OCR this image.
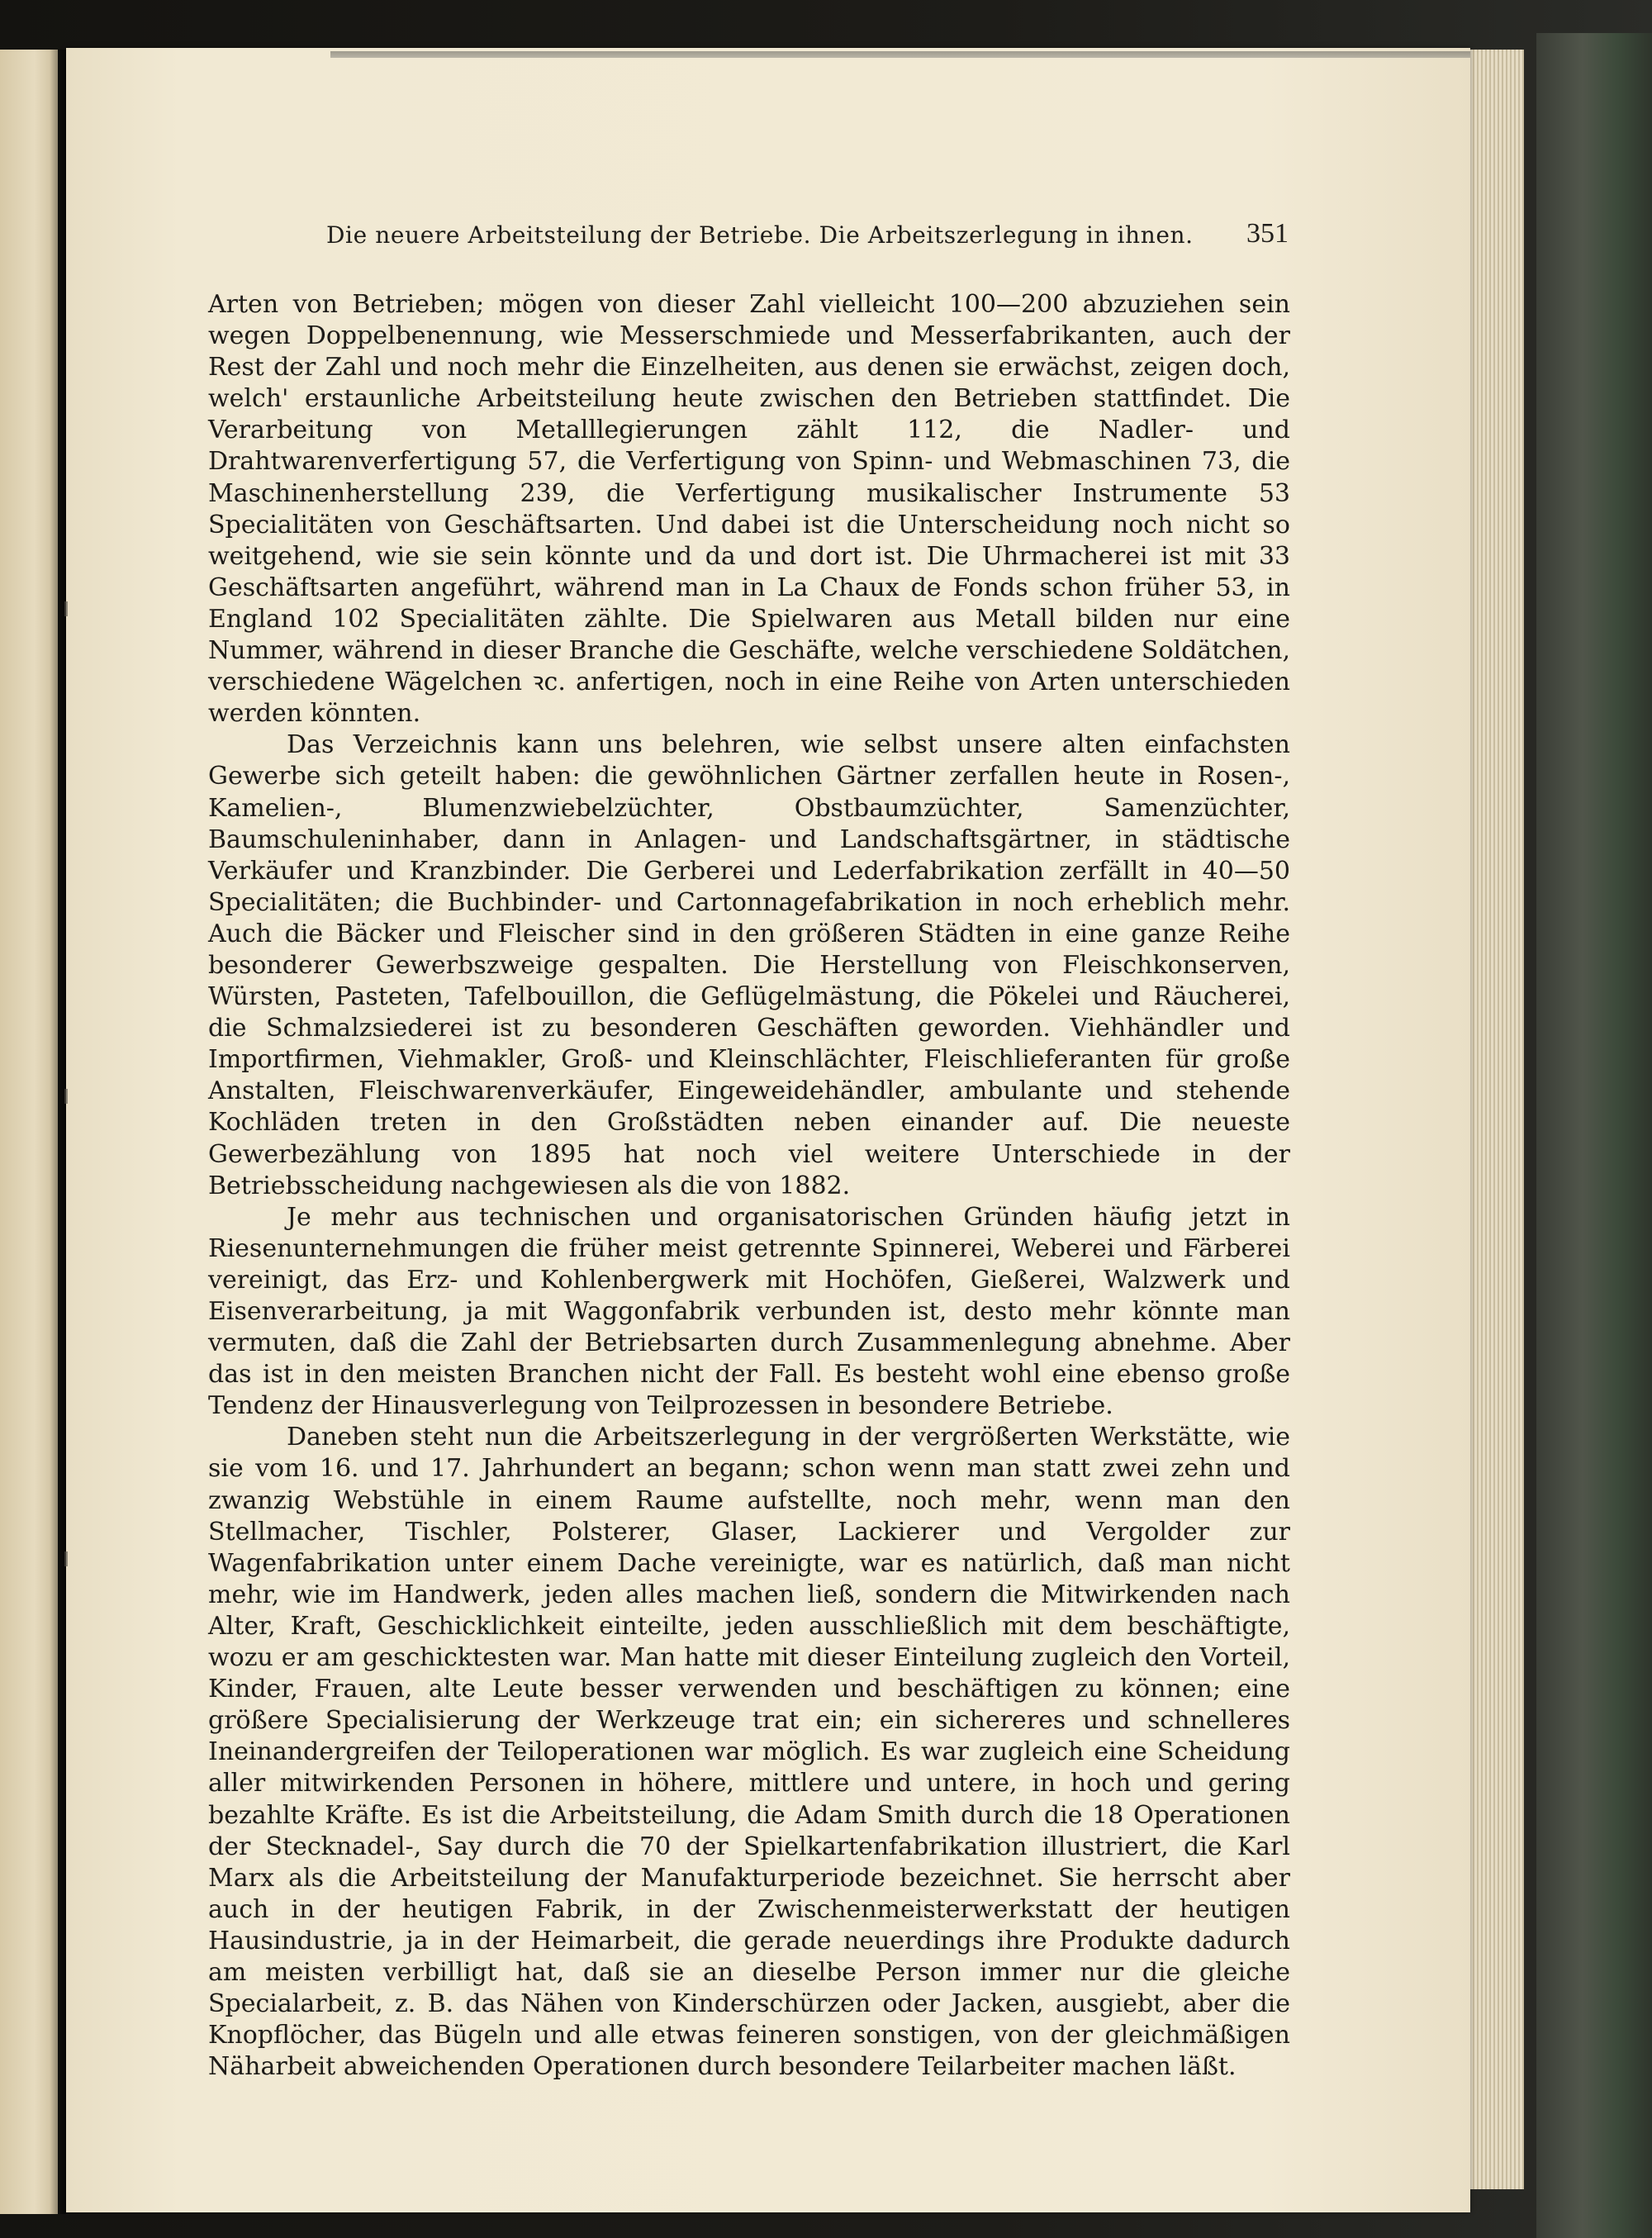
Die neuere Arbeitsteilung der Betriebe. Die Arbeitszerlegung in ihnen.	351

Arten von Betrieben; mögen von dieser Zahl vielleicht 100—200 abzuziehen sein wegen Doppelbenennung, wie Messerschmiede und Messerfabrikanten, auch der Rest der Zahl und noch mehr die Einzelheiten, aus denen sie erwächst, zeigen doch, welch' erstaunliche Arbeitsteilung heute zwischen den Betrieben stattfindet. Die Verarbeitung von Metalllegierungen zählt 112, die Nadler- und Drahtwarenverfertigung 57, die Verfertigung von Spinn- und Webmaschinen 73, die Maschinenherstellung 239, die Verfertigung musikalischer Instrumente 53 Specialitäten von Geschäftsarten. Und dabei ist die Unterscheidung noch nicht so weitgehend, wie sie sein könnte und da und dort ist. Die Uhrmacherei ist mit 33 Geschäftsarten angeführt, während man in La Chaux de Fonds schon früher 53, in England 102 Specialitäten zählte. Die Spielwaren aus Metall bilden nur eine Nummer, während in dieser Branche die Geschäfte, welche verschiedene Soldätchen, verschiedene Wägelchen ꝛc. anfertigen, noch in eine Reihe von Arten unterschieden werden könnten.

Das Verzeichnis kann uns belehren, wie selbst unsere alten einfachsten Gewerbe sich geteilt haben: die gewöhnlichen Gärtner zerfallen heute in Rosen-, Kamelien-, Blumenzwiebelzüchter, Obstbaumzüchter, Samenzüchter, Baumschuleninhaber, dann in Anlagen- und Landschaftsgärtner, in städtische Verkäufer und Kranzbinder. Die Gerberei und Lederfabrikation zerfällt in 40—50 Specialitäten; die Buchbinder- und Cartonnagefabrikation in noch erheblich mehr. Auch die Bäcker und Fleischer sind in den größeren Städten in eine ganze Reihe besonderer Gewerbszweige gespalten. Die Herstellung von Fleischkonserven, Würsten, Pasteten, Tafelbouillon, die Geflügelmästung, die Pökelei und Räucherei, die Schmalzsiederei ist zu besonderen Geschäften geworden. Viehhändler und Importfirmen, Viehmakler, Groß- und Kleinschlächter, Fleischlieferanten für große Anstalten, Fleischwarenverkäufer, Eingeweidehändler, ambulante und stehende Kochläden treten in den Großstädten neben einander auf. Die neueste Gewerbezählung von 1895 hat noch viel weitere Unterschiede in der Betriebsscheidung nachgewiesen als die von 1882.

Je mehr aus technischen und organisatorischen Gründen häufig jetzt in Riesenunternehmungen die früher meist getrennte Spinnerei, Weberei und Färberei vereinigt, das Erz- und Kohlenbergwerk mit Hochöfen, Gießerei, Walzwerk und Eisenverarbeitung, ja mit Waggonfabrik verbunden ist, desto mehr könnte man vermuten, daß die Zahl der Betriebsarten durch Zusammenlegung abnehme. Aber das ist in den meisten Branchen nicht der Fall. Es besteht wohl eine ebenso große Tendenz der Hinausverlegung von Teilprozessen in besondere Betriebe.

Daneben steht nun die Arbeitszerlegung in der vergrößerten Werkstätte, wie sie vom 16. und 17. Jahrhundert an begann; schon wenn man statt zwei zehn und zwanzig Webstühle in einem Raume aufstellte, noch mehr, wenn man den Stellmacher, Tischler, Polsterer, Glaser, Lackierer und Vergolder zur Wagenfabrikation unter einem Dache vereinigte, war es natürlich, daß man nicht mehr, wie im Handwerk, jeden alles machen ließ, sondern die Mitwirkenden nach Alter, Kraft, Geschicklichkeit einteilte, jeden ausschließlich mit dem beschäftigte, wozu er am geschicktesten war. Man hatte mit dieser Einteilung zugleich den Vorteil, Kinder, Frauen, alte Leute besser verwenden und beschäftigen zu können; eine größere Specialisierung der Werkzeuge trat ein; ein sichereres und schnelleres Ineinandergreifen der Teiloperationen war möglich. Es war zugleich eine Scheidung aller mitwirkenden Personen in höhere, mittlere und untere, in hoch und gering bezahlte Kräfte. Es ist die Arbeitsteilung, die Adam Smith durch die 18 Operationen der Stecknadel-, Say durch die 70 der Spielkartenfabrikation illustriert, die Karl Marx als die Arbeitsteilung der Manufakturperiode bezeichnet. Sie herrscht aber auch in der heutigen Fabrik, in der Zwischenmeisterwerkstatt der heutigen Hausindustrie, ja in der Heimarbeit, die gerade neuerdings ihre Produkte dadurch am meisten verbilligt hat, daß sie an dieselbe Person immer nur die gleiche Specialarbeit, z. B. das Nähen von Kinderschürzen oder Jacken, ausgiebt, aber die Knopflöcher, das Bügeln und alle etwas feineren sonstigen, von der gleichmäßigen Näharbeit abweichenden Operationen durch besondere Teilarbeiter machen läßt.
